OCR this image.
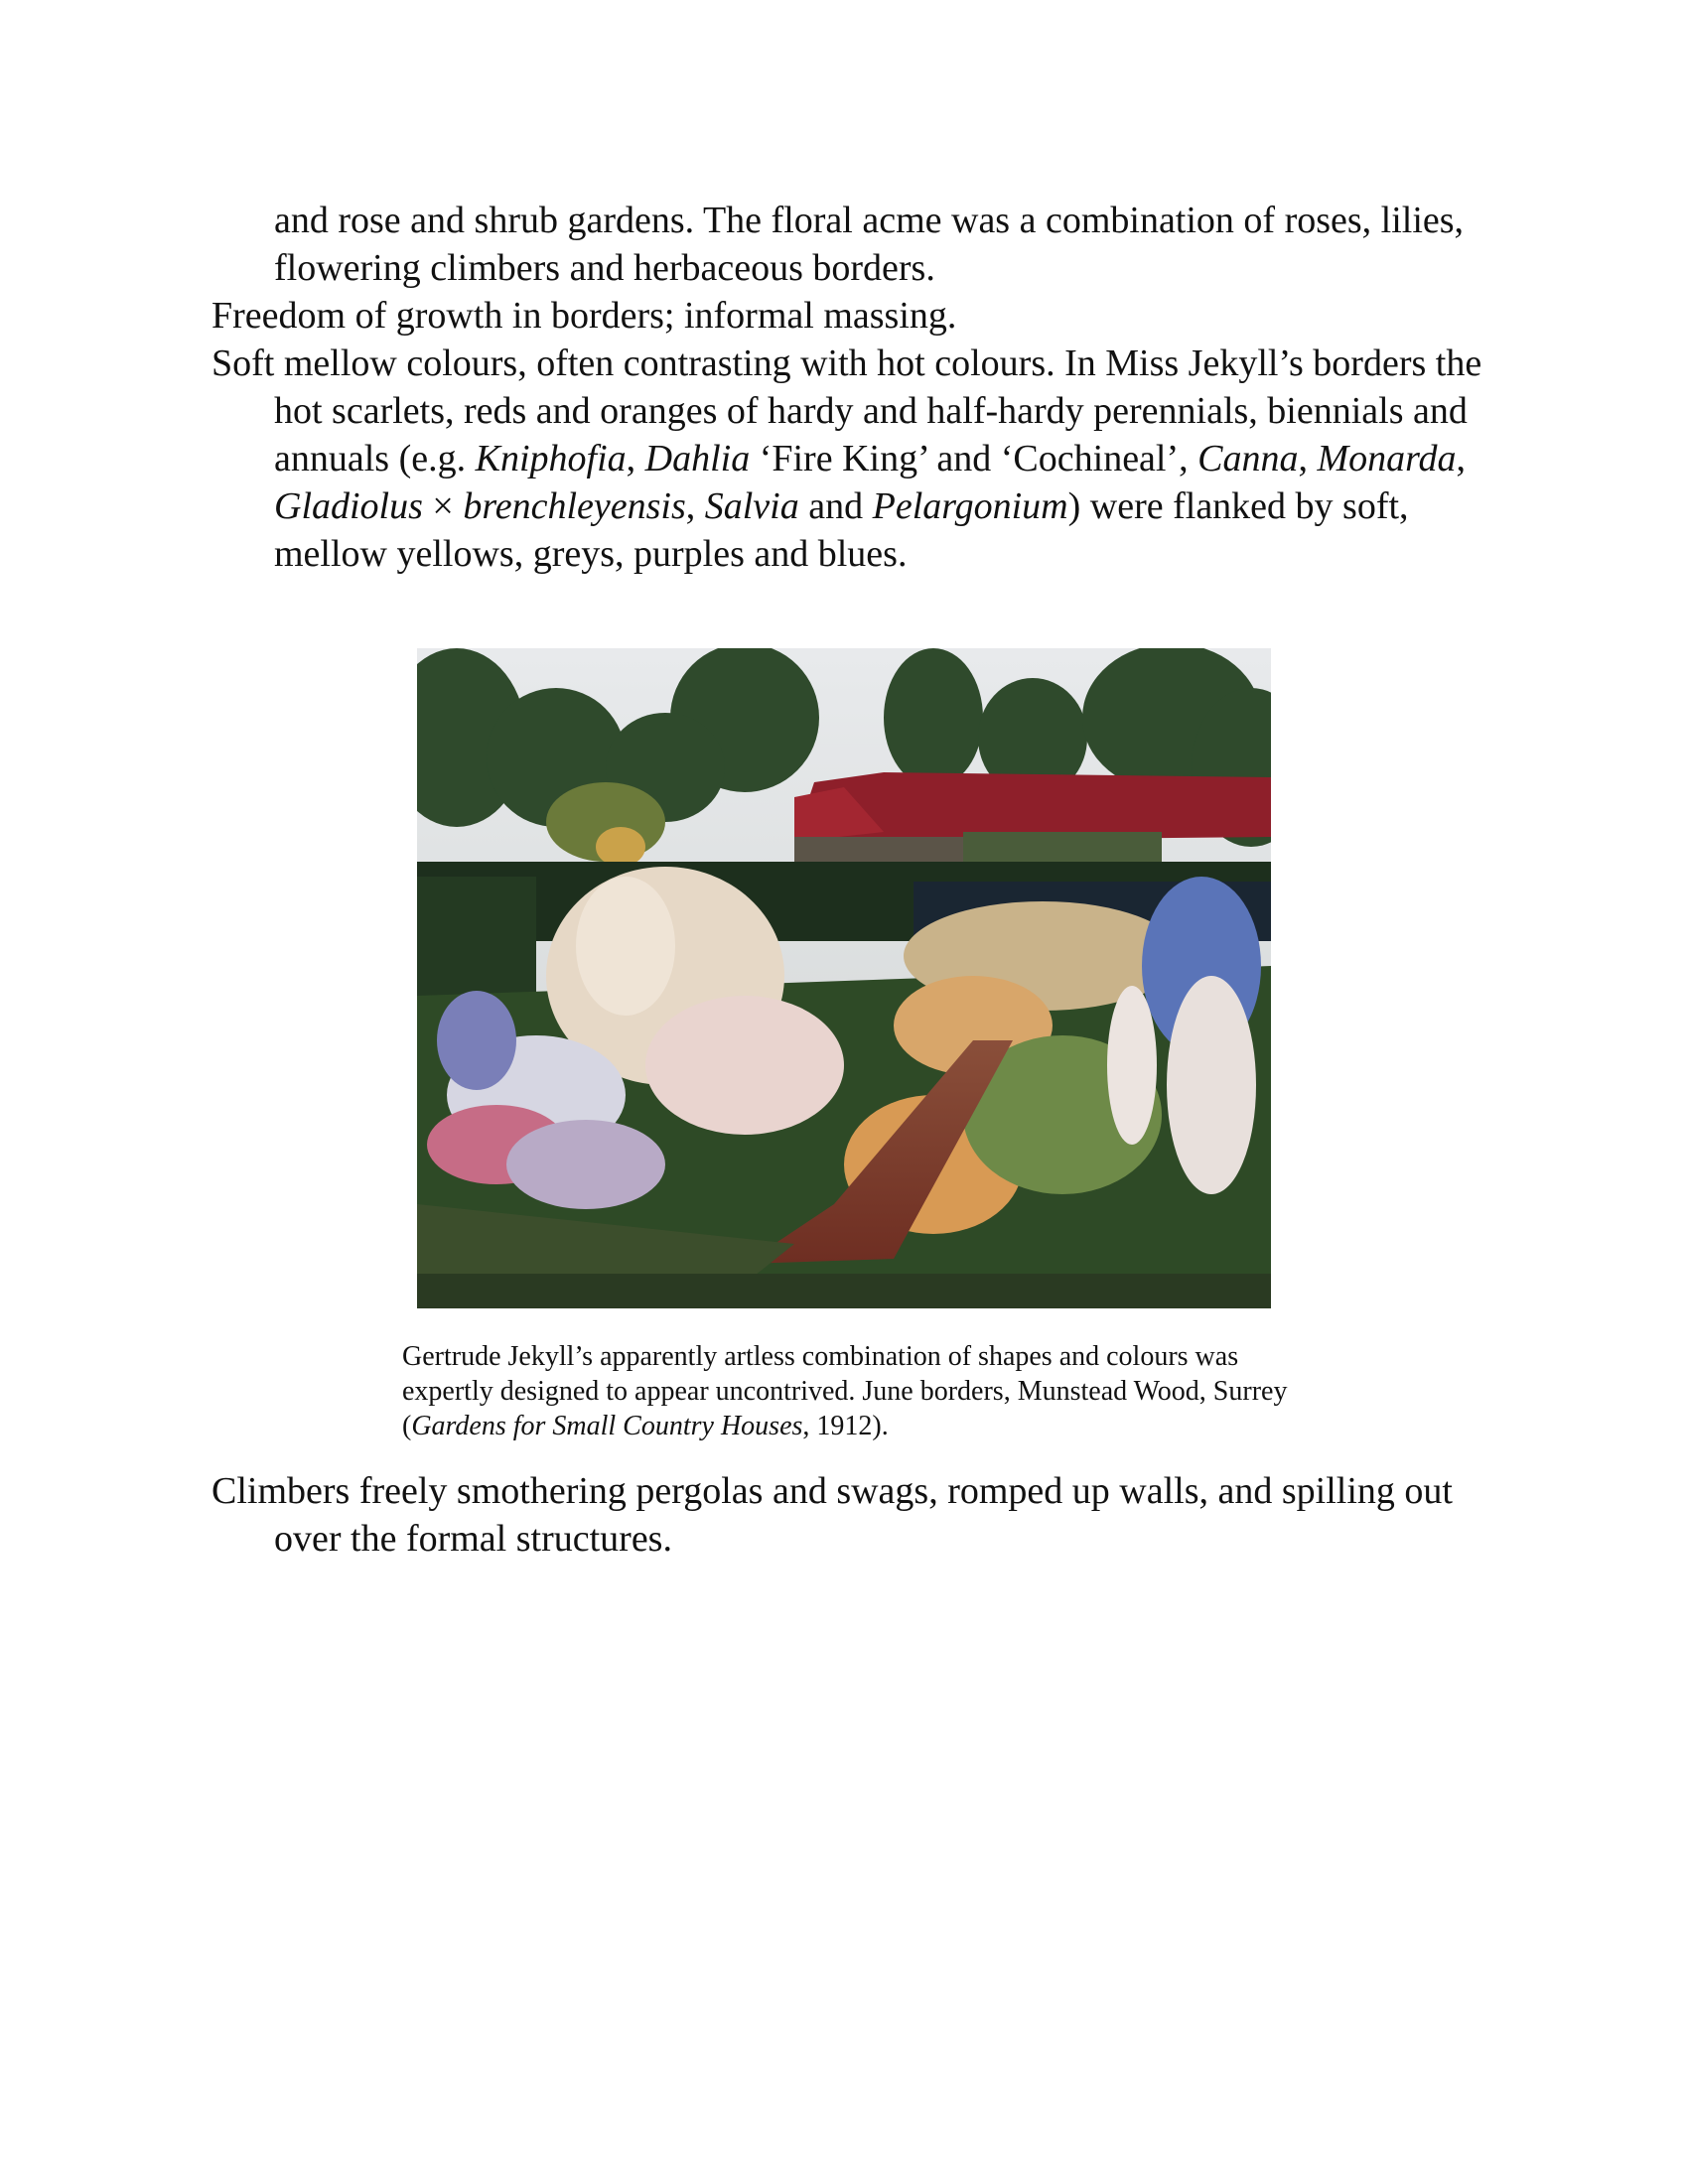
and rose and shrub gardens. The floral acme was a combination of roses, lilies, flowering climbers and herbaceous borders.

Freedom of growth in borders; informal massing.

Soft mellow colours, often contrasting with hot colours. In Miss Jekyll’s borders the hot scarlets, reds and oranges of hardy and half-hardy perennials, biennials and annuals (e.g. Kniphofia, Dahlia ‘Fire King’ and ‘Cochineal’, Canna, Monarda, Gladiolus × brenchleyensis, Salvia and Pelargonium) were flanked by soft, mellow yellows, greys, purples and blues.

Gertrude Jekyll’s apparently artless combination of shapes and colours was expertly designed to appear uncontrived. June borders, Munstead Wood, Surrey (Gardens for Small Country Houses, 1912).

Climbers freely smothering pergolas and swags, romped up walls, and spilling out over the formal structures.
